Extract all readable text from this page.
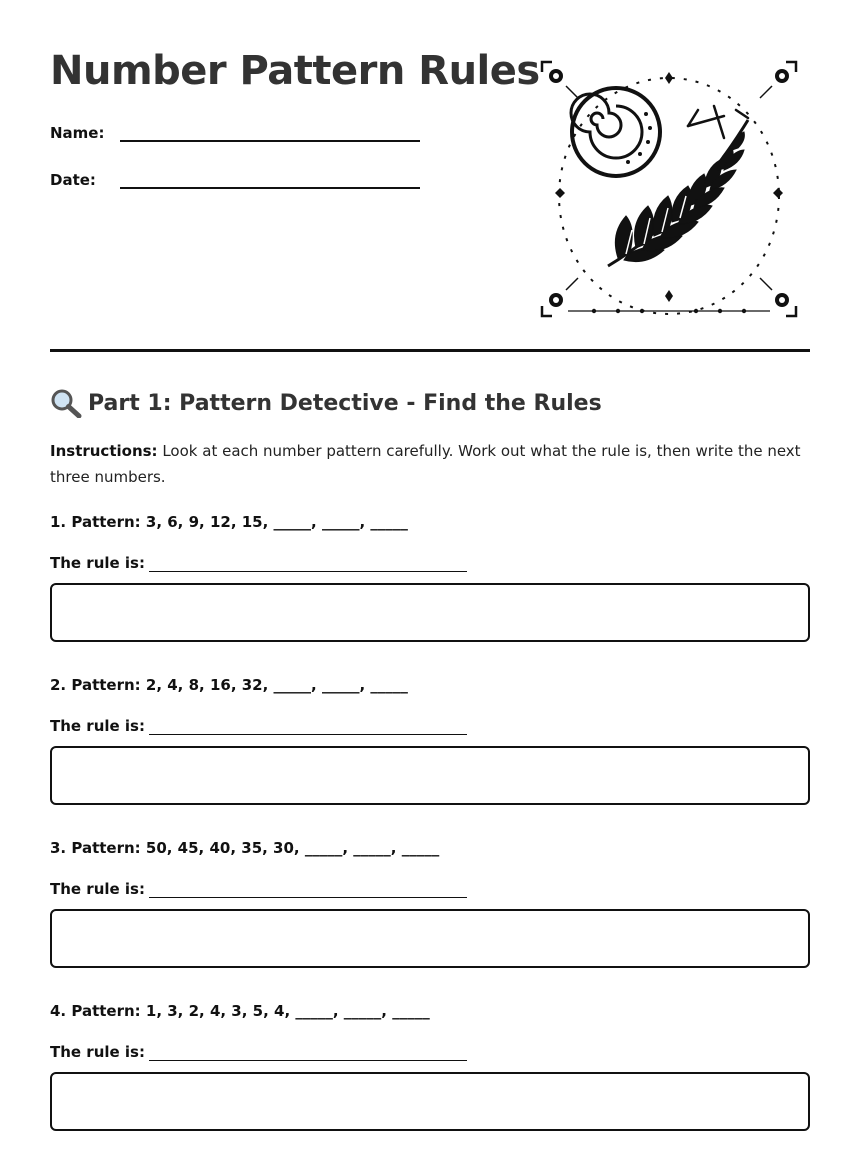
Number Pattern Rules
Name:
Date:
Part 1: Pattern Detective - Find the Rules
Instructions: Look at each number pattern carefully. Work out what the rule is, then write the next three numbers.
1. Pattern: 3, 6, 9, 12, 15, _____, _____, _____
The rule is:
2. Pattern: 2, 4, 8, 16, 32, _____, _____, _____
The rule is:
3. Pattern: 50, 45, 40, 35, 30, _____, _____, _____
The rule is:
4. Pattern: 1, 3, 2, 4, 3, 5, 4, _____, _____, _____
The rule is:
